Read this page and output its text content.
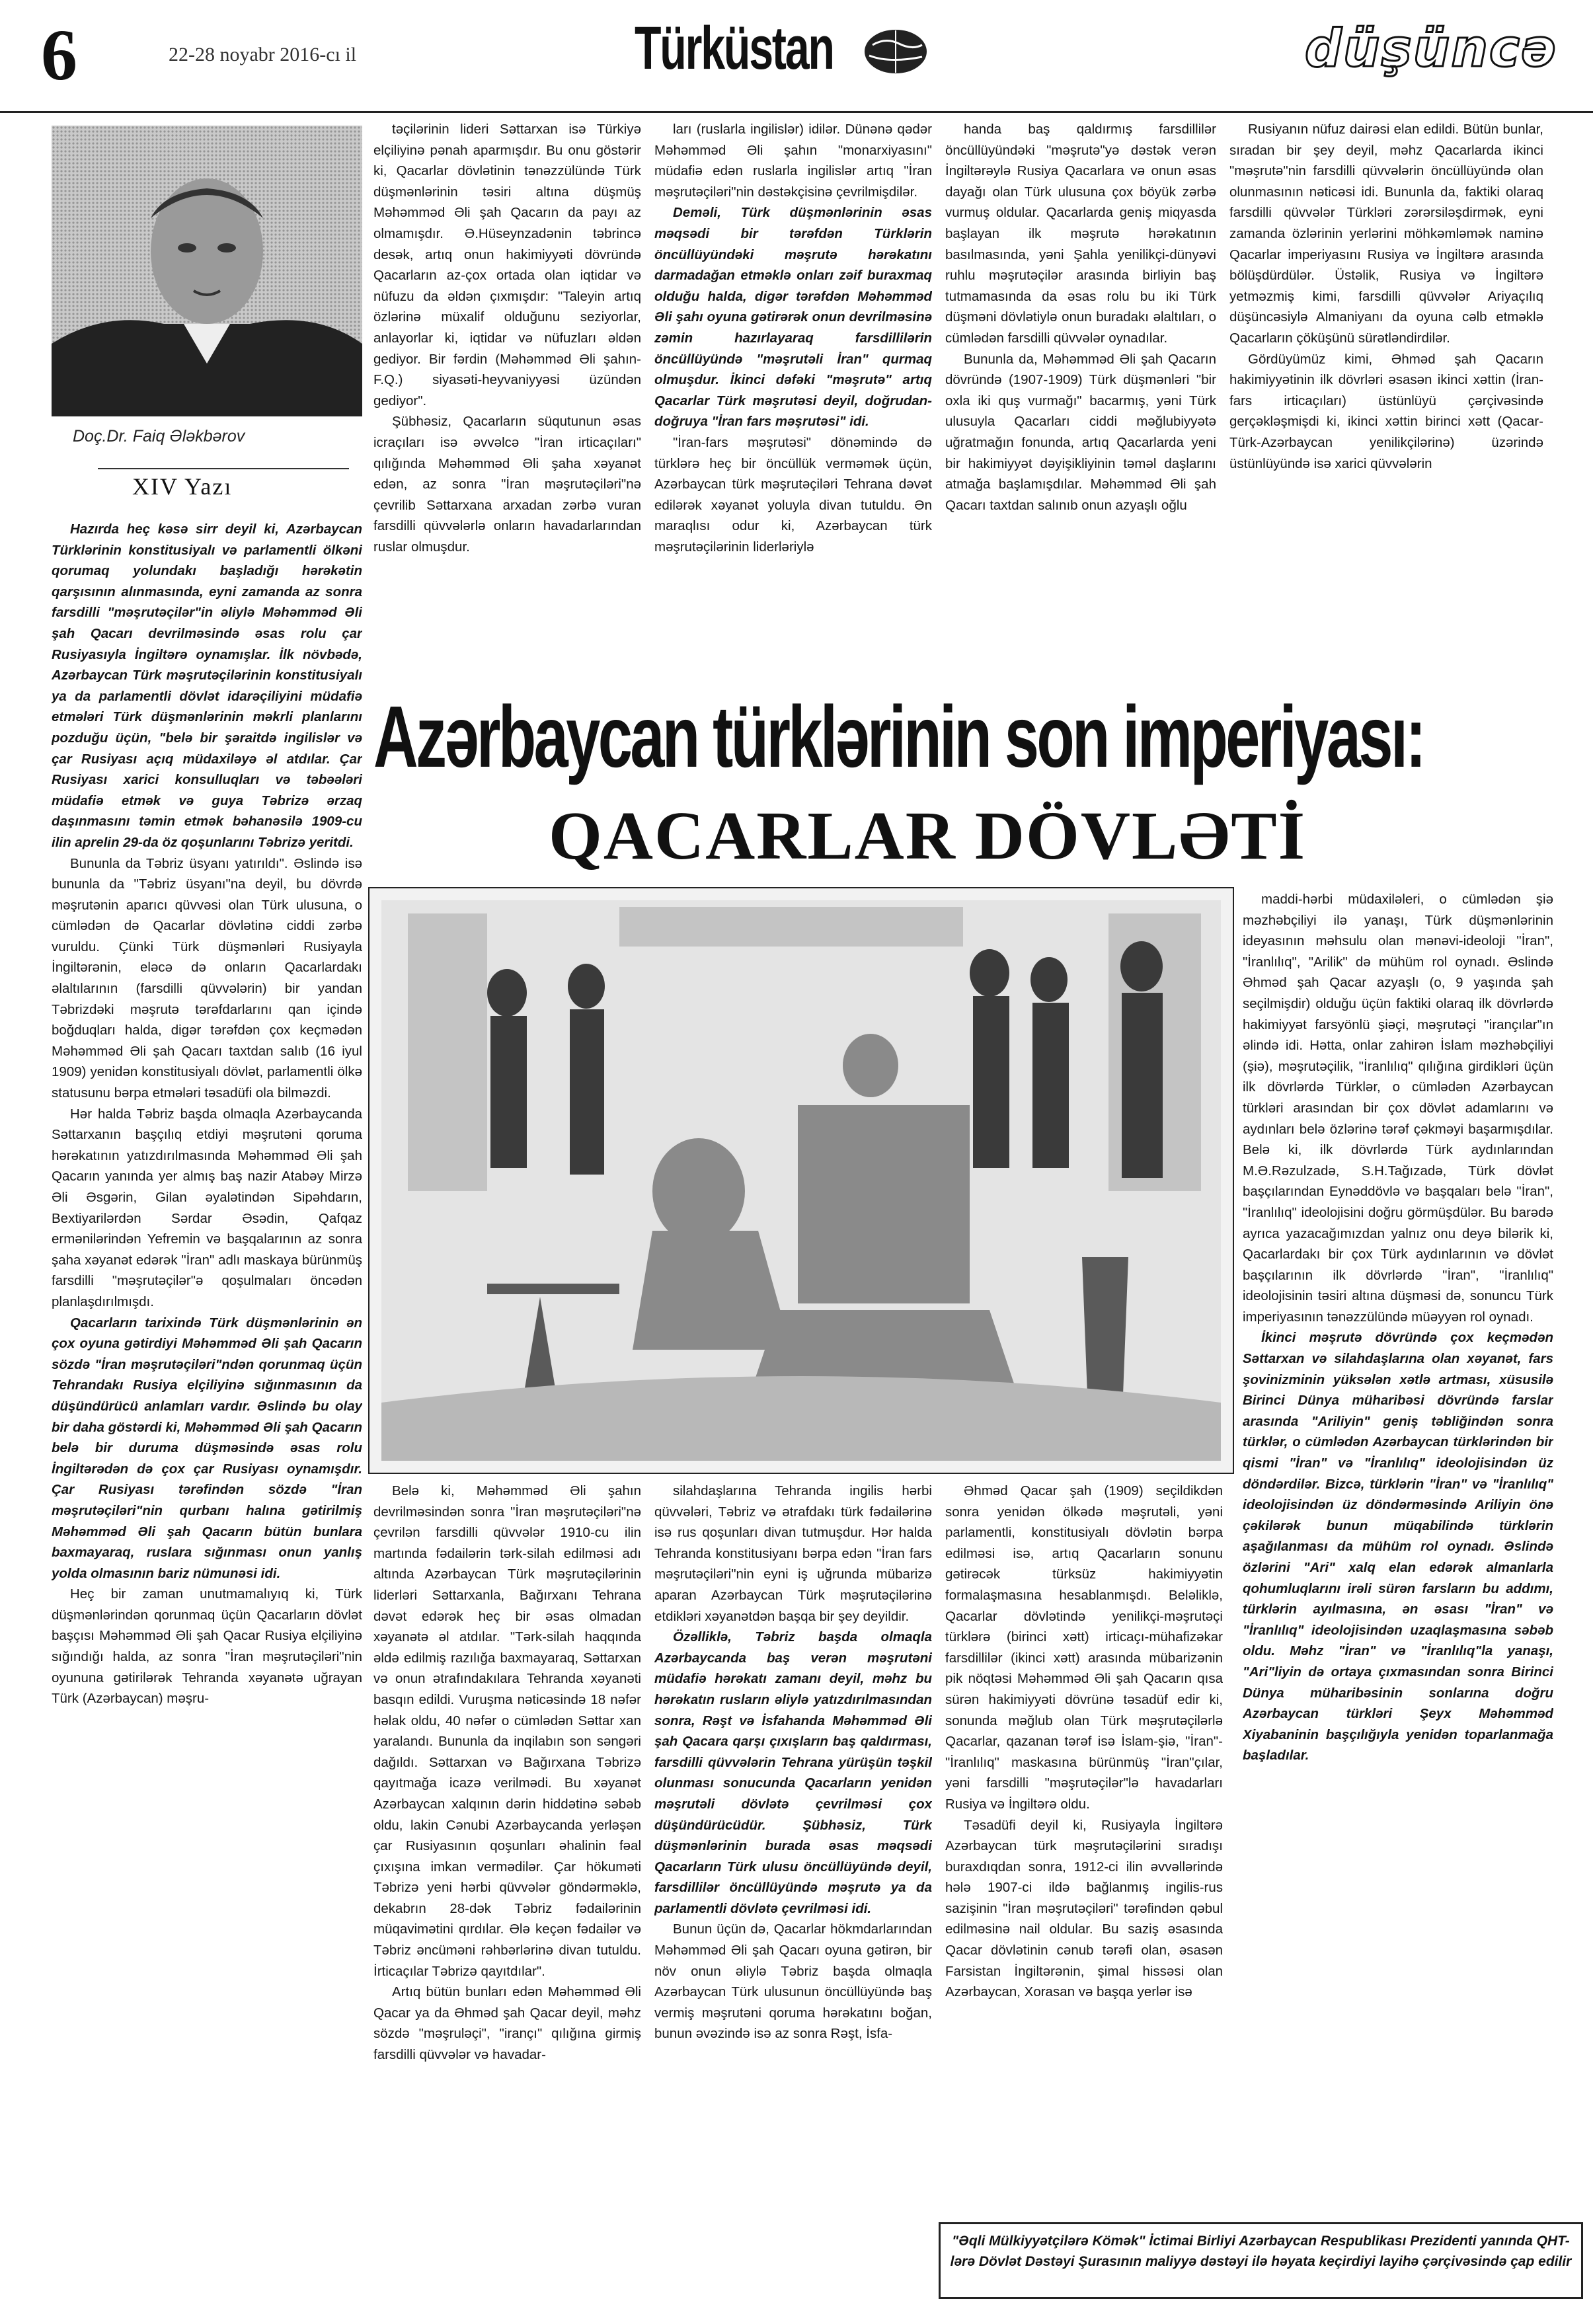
6	22-28 noyabr 2016-cı il	Türküstan	düşüncə
Doç.Dr. Faiq Ələkbərov
XIV Yazı

Hazırda heç kəsə sirr deyil ki, Azərbaycan Türklərinin konstitusiyalı və parlamentli ölkəni qorumaq yolundakı başladığı hərəkətin qarşısının alınmasında, eyni zamanda az sonra farsdilli "məşrutəçilər"in əliylə Məhəmməd Əli şah Qacarı devrilməsində əsas rolu çar Rusiyasıyla İngiltərə oynamışlar. İlk növbədə, Azərbaycan Türk məşrutəçilərinin konstitusiyalı ya da parlamentli dövlət idarəçiliyini müdafiə etmələri Türk düşmənlərinin məkrli planlarını pozduğu üçün, "belə bir şəraitdə ingilislər və çar Rusiyası açıq müdaxiləyə əl atdılar. Çar Rusiyası xarici konsulluqları və təbəələri müdafiə etmək və guya Təbrizə ərzaq daşınmasını təmin etmək bəhanəsilə 1909-cu ilin aprelin 29-da öz qoşunlarını Təbrizə yeritdi.

Bununla da Təbriz üsyanı yatırıldı". Əslində isə bununla da "Təbriz üsyanı"na deyil, bu dövrdə məşrutənin aparıcı qüvvəsi olan Türk ulusuna, o cümlədən də Qacarlar dövlətinə ciddi zərbə vuruldu. Çünki Türk düşmənləri Rusiyayla İngiltərənin, eləcə də onların Qacarlardakı əlaltılarının (farsdilli qüvvələrin) bir yandan Təbrizdəki məşrutə tərəfdarlarını qan içində boğduqları halda, digər tərəfdən çox keçmədən Məhəmməd Əli şah Qacarı taxtdan salıb (16 iyul 1909) yenidən konstitusiyalı dövlət, parlamentli ölkə statusunu bərpa etmələri təsadüfi ola bilməzdi.

Hər halda Təbriz başda olmaqla Azərbaycanda Səttarxanın başçılıq etdiyi məşrutəni qoruma hərəkatının yatızdırılmasında Məhəmməd Əli şah Qacarın yanında yer almış baş nazir Atabəy Mirzə Əli Əsgərin, Gilan əyalətindən Sipəhdarın, Bextiyarilərdən Sərdar Əsədin, Qafqaz ermənilərindən Yefremin və başqalarının az sonra şaha xəyanət edərək "İran" adlı maskaya bürünmüş farsdilli "məşrutəçilər"ə qoşulmaları öncədən planlaşdırılmışdı.

Qacarların tarixində Türk düşmənlərinin ən çox oyuna gətirdiyi Məhəmməd Əli şah Qacarın sözdə "İran məşrutəçiləri"ndən qorunmaq üçün Tehrandakı Rusiya elçiliyinə sığınmasının da düşündürücü anlamları vardır. Əslində bu olay bir daha göstərdi ki, Məhəmməd Əli şah Qacarın belə bir duruma düşməsində əsas rolu İngiltərədən də çox çar Rusiyası oynamışdır. Çar Rusiyası tərəfindən sözdə "İran məşrutəçiləri"nin qurbanı halına gətirilmiş Məhəmməd Əli şah Qacarın bütün bunlara baxmayaraq, ruslara sığınması onun yanlış yolda olmasının bariz nümunəsi idi.

Heç bir zaman unutmamalıyıq ki, Türk düşmənlərindən qorunmaq üçün Qacarların dövlət başçısı Məhəmməd Əli şah Qacar Rusiya elçiliyinə sığındığı halda, az sonra "İran məşrutəçiləri"nin oyununa gətirilərək Tehranda xəyanətə uğrayan Türk (Azərbaycan) məşru-

təçilərinin lideri Səttarxan isə Türkiyə elçiliyinə pənah aparmışdır. Bu onu göstərir ki, Qacarlar dövlətinin tənəzzülündə Türk düşmənlərinin təsiri altına düşmüş Məhəmməd Əli şah Qacarın da payı az olmamışdır. Ə.Hüseynzadənin təbrincə desək, artıq onun hakimiyyəti dövründə Qacarların az-çox ortada olan iqtidar və nüfuzu da əldən çıxmışdır: "Taleyin artıq özlərinə müxalif olduğunu seziyorlar, anlayorlar ki, iqtidar və nüfuzları əldən gediyor. Bir fərdin (Məhəmməd Əli şahın-F.Q.) siyasəti-heyvaniyyəsi üzündən gediyor".

Şübhəsiz, Qacarların süqutunun əsas icraçıları isə əvvəlcə "İran irticaçıları" qılığında Məhəmməd Əli şaha xəyanət edən, az sonra "İran məşrutəçiləri"nə çevrilib Səttarxana arxadan zərbə vuran farsdilli qüvvələrlə onların havadarlarından ruslar olmuşdur.

ları (ruslarla ingilislər) idilər. Dünənə qədər Məhəmməd Əli şahın "monarxiyasını" müdafiə edən ruslarla ingilislər artıq "İran məşrutəçiləri"nin dəstəkçisinə çevrilmişdilər.

Deməli, Türk düşmənlərinin əsas məqsədi bir tərəfdən Türklərin öncüllüyündəki məşrutə hərəkatını darmadağan etməklə onları zəif buraxmaq olduğu halda, digər tərəfdən Məhəmməd Əli şahı oyuna gətirərək onun devrilməsinə zəmin hazırlayaraq farsdillilərin öncüllüyündə "məşrutəli İran" qurmaq olmuşdur. İkinci dəfəki "məşrutə" artıq Qacarlar Türk məşrutəsi deyil, doğrudan-doğruya "İran fars məşrutəsi" idi.

"İran-fars məşrutəsi" dönəmində də türklərə heç bir öncüllük verməmək üçün, Azərbaycan türk məşrutəçiləri Tehrana dəvət edilərək xəyanət yoluyla divan tutuldu. Ən maraqlısı odur ki, Azərbaycan türk məşrutəçilərinin liderləriylə

handa baş qaldırmış farsdillilər öncüllüyündəki "məşrutə"yə dəstək verən İngiltərəylə Rusiya Qacarlara və onun əsas dayağı olan Türk ulusuna çox böyük zərbə vurmuş oldular. Qacarlarda geniş miqyasda başlayan ilk məşrutə hərəkatının basılmasında, yəni Şahla yenilikçi-dünyəvi ruhlu məşrutəçilər arasında birliyin baş tutmamasında da əsas rolu bu iki Türk düşməni dövlətiylə onun buradakı əlaltıları, o cümlədən farsdilli qüvvələr oynadılar.

Bununla da, Məhəmməd Əli şah Qacarın dövründə (1907-1909) Türk düşmənləri "bir oxla iki quş vurmağı" bacarmış, yəni Türk ulusuyla Qacarları ciddi məğlubiyyətə uğratmağın fonunda, artıq Qacarlarda yeni bir hakimiyyət dəyişikliyinin təməl daşlarını atmağa başlamışdılar. Məhəmməd Əli şah Qacarı taxtdan salınıb onun azyaşlı oğlu

Rusiyanın nüfuz dairəsi elan edildi. Bütün bunlar, sıradan bir şey deyil, məhz Qacarlarda ikinci "məşrutə"nin farsdilli qüvvələrin öncüllüyündə olan olunmasının nəticəsi idi. Bununla da, faktiki olaraq farsdilli qüvvələr Türkləri zərərsiləşdirmək, eyni zamanda özlərinin yerlərini möhkəmləmək naminə Qacarlar imperiyasını Rusiya və İngiltərə arasında bölüşdürdülər. Üstəlik, Rusiya və İngiltərə yetməzmiş kimi, farsdilli qüvvələr Ariyaçılıq düşüncəsiylə Almaniyanı da oyuna cəlb etməklə Qacarların çöküşünü sürətləndirdilər.

Gördüyümüz kimi, Əhməd şah Qacarın hakimiyyətinin ilk dövrləri əsasən ikinci xəttin (İran-fars irticaçıları) üstünlüyü çərçivəsində gerçəkləşmişdi ki, ikinci xəttin birinci xətt (Qacar-Türk-Azərbaycan yenilikçilərinə) üzərində üstünlüyündə isə xarici qüvvələrin

maddi-hərbi müdaxiləleri, o cümlədən şiə məzhəbçiliyi ilə yanaşı, Türk düşmənlərinin ideyasının məhsulu olan mənəvi-ideoloji "İran", "İranlılıq", "Arilik" də mühüm rol oynadı. Əslində Əhməd şah Qacar azyaşlı (o, 9 yaşında şah seçilmişdir) olduğu üçün faktiki olaraq ilk dövrlərdə hakimiyyət farsyönlü şiəçi, məşrutəçi "irançılar"ın əlində idi. Hətta, onlar zahirən İslam məzhəbçiliyi (şiə), məşrutəçilik, "İranlılıq" qılığına girdikləri üçün ilk dövrlərdə Türklər, o cümlədən Azərbaycan türkləri arasından bir çox dövlət adamlarını və aydınları belə özlərinə tərəf çəkməyi başarmışdılar. Belə ki, ilk dövrlərdə Türk aydınlarından M.Ə.Rəzulzadə, S.H.Tağızadə, Türk dövlət başçılarından Eynəddövlə və başqaları belə "İran", "İranlılıq" ideolojisini doğru görmüşdülər. Bu barədə ayrıca yazacağımızdan yalnız onu deyə bilərik ki, Qacarlardakı bir çox Türk aydınlarının və dövlət başçılarının ilk dövrlərdə "İran", "İranlılıq" ideolojisinin təsiri altına düşməsi də, sonuncu Türk imperiyasının tənəzzülündə müəyyən rol oynadı.

İkinci məşrutə dövründə çox keçmədən Səttarxan və silahdaşlarına olan xəyanət, fars şovinizminin yüksələn xətlə artması, xüsusilə Birinci Dünya müharibəsi dövründə farslar arasında "Ariliyin" geniş təbliğindən sonra türklər, o cümlədən Azərbaycan türklərindən bir qismi "İran" və "İranlılıq" ideolojisindən üz döndərdilər. Bizcə, türklərin "İran" və "İranlılıq" ideolojisindən üz döndərməsində Ariliyin önə çəkilərək bunun müqabilində türklərin aşağılanması da mühüm rol oynadı. Əslində özlərini "Ari" xalq elan edərək almanlarla qohumluqlarını irəli sürən farsların bu addımı, türklərin ayılmasına, ən əsası "İran" və "İranlılıq" ideolojisindən uzaqlaşmasına səbəb oldu. Məhz "İran" və "İranlılıq"la yanaşı, "Ari"liyin də ortaya çıxmasından sonra Birinci Dünya müharibəsinin sonlarına doğru Azərbaycan türkləri Şeyx Məhəmməd Xiyabaninin başçılığıyla yenidən toparlanmağa başladılar.

Belə ki, Məhəmməd Əli şahın devrilməsindən sonra "İran məşrutəçiləri"nə çevrilən farsdilli qüvvələr 1910-cu ilin martında fədailərin tərk-silah edilməsi adı altında Azərbaycan Türk məşrutəçilərinin liderləri Səttarxanla, Bağırxanı Tehrana dəvət edərək heç bir əsas olmadan xəyanətə əl atdılar. "Tərk-silah haqqında əldə edilmiş razılığa baxmayaraq, Səttarxan və onun ətrafındakılara Tehranda xəyanəti basqın edildi. Vuruşma nəticəsində 18 nəfər həlak oldu, 40 nəfər o cümlədən Səttar xan yaralandı. Bununla da inqilabın son səngəri dağıldı. Səttarxan və Bağırxana Təbrizə qayıtmağa icazə verilmədi. Bu xəyanət Azərbaycan xalqının dərin hiddətinə səbəb oldu, lakin Cənubi Azərbaycanda yerləşən çar Rusiyasının qoşunları əhalinin fəal çıxışına imkan vermədilər. Çar hökuməti Təbrizə yeni hərbi qüvvələr göndərməklə, dekabrın 28-dək Təbriz fədailərinin müqavimətini qırdılar. Ələ keçən fədailər və Təbriz əncüməni rəhbərlərinə divan tutuldu. İrticaçılar Təbrizə qayıtdılar".

Artıq bütün bunları edən Məhəmməd Əli Qacar ya da Əhməd şah Qacar deyil, məhz sözdə "məşruləçi", "irançı" qılığına girmiş farsdilli qüvvələr və havadar-

silahdaşlarına Tehranda ingilis hərbi qüvvələri, Təbriz və ətrafdakı türk fədailərinə isə rus qoşunları divan tutmuşdur. Hər halda Tehranda konstitusiyanı bərpa edən "İran fars məşrutəçiləri"nin eyni iş uğrunda mübarizə aparan Azərbaycan Türk məşrutəçilərinə etdikləri xəyanətdən başqa bir şey deyildir.

Özəlliklə, Təbriz başda olmaqla Azərbaycanda baş verən məşrutəni müdafiə hərəkatı zamanı deyil, məhz bu hərəkatın rusların əliylə yatızdırılmasından sonra, Rəşt və İsfahanda Məhəmməd Əli şah Qacara qarşı çıxışların baş qaldırması, farsdilli qüvvələrin Tehrana yürüşün təşkil olunması sonucunda Qacarların yenidən məşrutəli dövlətə çevrilməsi çox düşündürücüdür. Şübhəsiz, Türk düşmənlərinin burada əsas məqsədi Qacarların Türk ulusu öncüllüyündə deyil, farsdillilər öncüllüyündə məşrutə ya da parlamentli dövlətə çevrilməsi idi.

Bunun üçün də, Qacarlar hökmdarlarından Məhəmməd Əli şah Qacarı oyuna gətirən, bir növ onun əliylə Təbriz başda olmaqla Azərbaycan Türk ulusunun öncüllüyündə baş vermiş məşrutəni qoruma hərəkatını boğan, bunun əvəzində isə az sonra Rəşt, İsfa-

Əhməd Qacar şah (1909) seçildikdən sonra yenidən ölkədə məşrutəli, yəni parlamentli, konstitusiyalı dövlətin bərpa edilməsi isə, artıq Qacarların sonunu gətirəcək türksüz hakimiyyətin formalaşmasına hesablanmışdı. Beləliklə, Qacarlar dövlətində yenilikçi-məşrutəçi türklərə (birinci xətt) irticaçı-mühafizəkar farsdillilər (ikinci xətt) arasında mübarizənin pik nöqtəsi Məhəmməd Əli şah Qacarın qısa sürən hakimiyyəti dövrünə təsadüf edir ki, sonunda məğlub olan Türk məşrutəçilərlə Qacarlar, qazanan tərəf isə İslam-şiə, "İran"-"İranlılıq" maskasına bürünmüş "İran"çılar, yəni farsdilli "məşrutəçilər"lə havadarları Rusiya və İngiltərə oldu.

Təsadüfi deyil ki, Rusiyayla İngiltərə Azərbaycan türk məşrutəçilərini sıradışı buraxdıqdan sonra, 1912-ci ilin əvvəllərində hələ 1907-ci ildə bağlanmış ingilis-rus sazişinin "İran məşrutəçiləri" tərəfindən qəbul edilməsinə nail oldular. Bu saziş əsasında Qacar dövlətinin cənub tərəfi olan, əsasən Farsistan İngiltərənin, şimal hissəsi olan Azərbaycan, Xorasan və başqa yerlər isə

Azərbaycan türklərinin son imperiyası:
QACARLAR DÖVLƏTİ
"Əqli Mülkiyyətçilərə Kömək" İctimai Birliyi Azərbaycan Respublikası Prezidenti yanında QHT-lərə Dövlət Dəstəyi Şurasının maliyyə dəstəyi ilə həyata keçirdiyi layihə çərçivəsində çap edilir
